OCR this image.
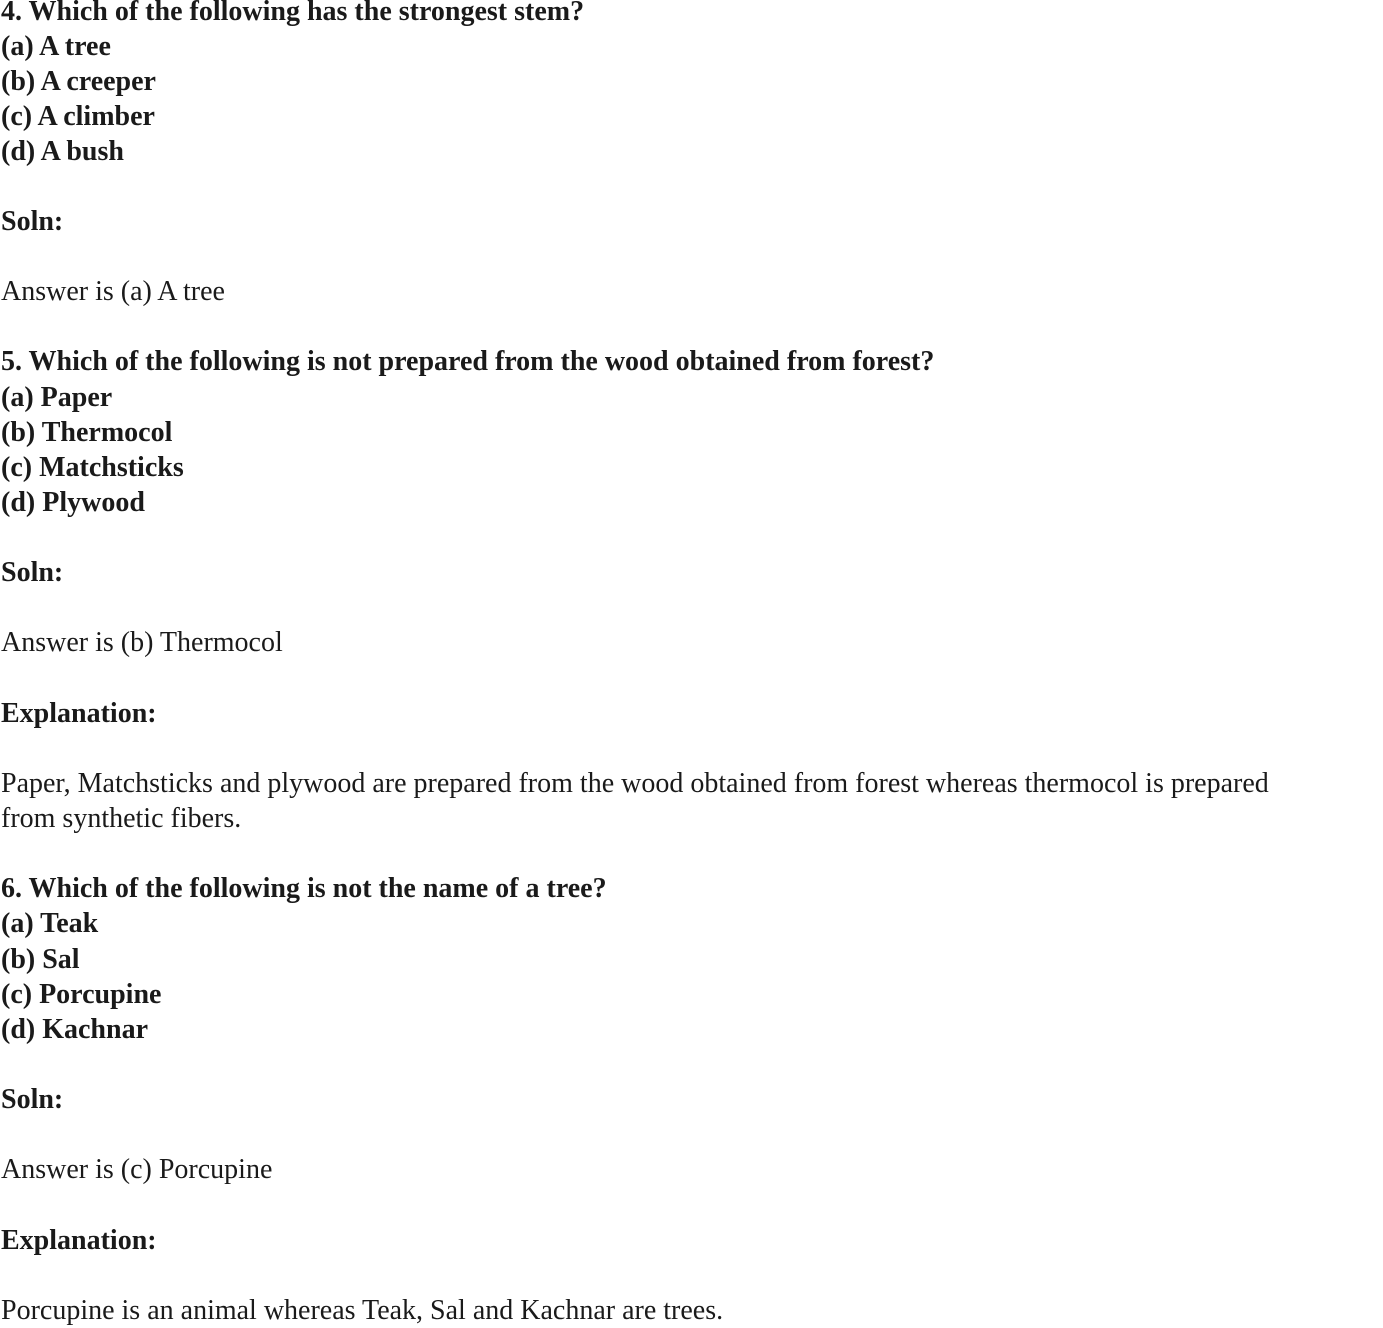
4. Which of the following has the strongest stem?

(a) A tree

(b) A creeper

(c) A climber

(d) A bush

Soln:

Answer is (a) A tree

5. Which of the following is not prepared from the wood obtained from forest?

(a) Paper

(b) Thermocol

(c) Matchsticks

(d) Plywood

Soln:

Answer is (b) Thermocol

Explanation:

Paper, Matchsticks and plywood are prepared from the wood obtained from forest whereas thermocol is prepared

from synthetic fibers.

6. Which of the following is not the name of a tree?

(a) Teak

(b) Sal

(c) Porcupine

(d) Kachnar

Soln:

Answer is (c) Porcupine

Explanation:

Porcupine is an animal whereas Teak, Sal and Kachnar are trees.
